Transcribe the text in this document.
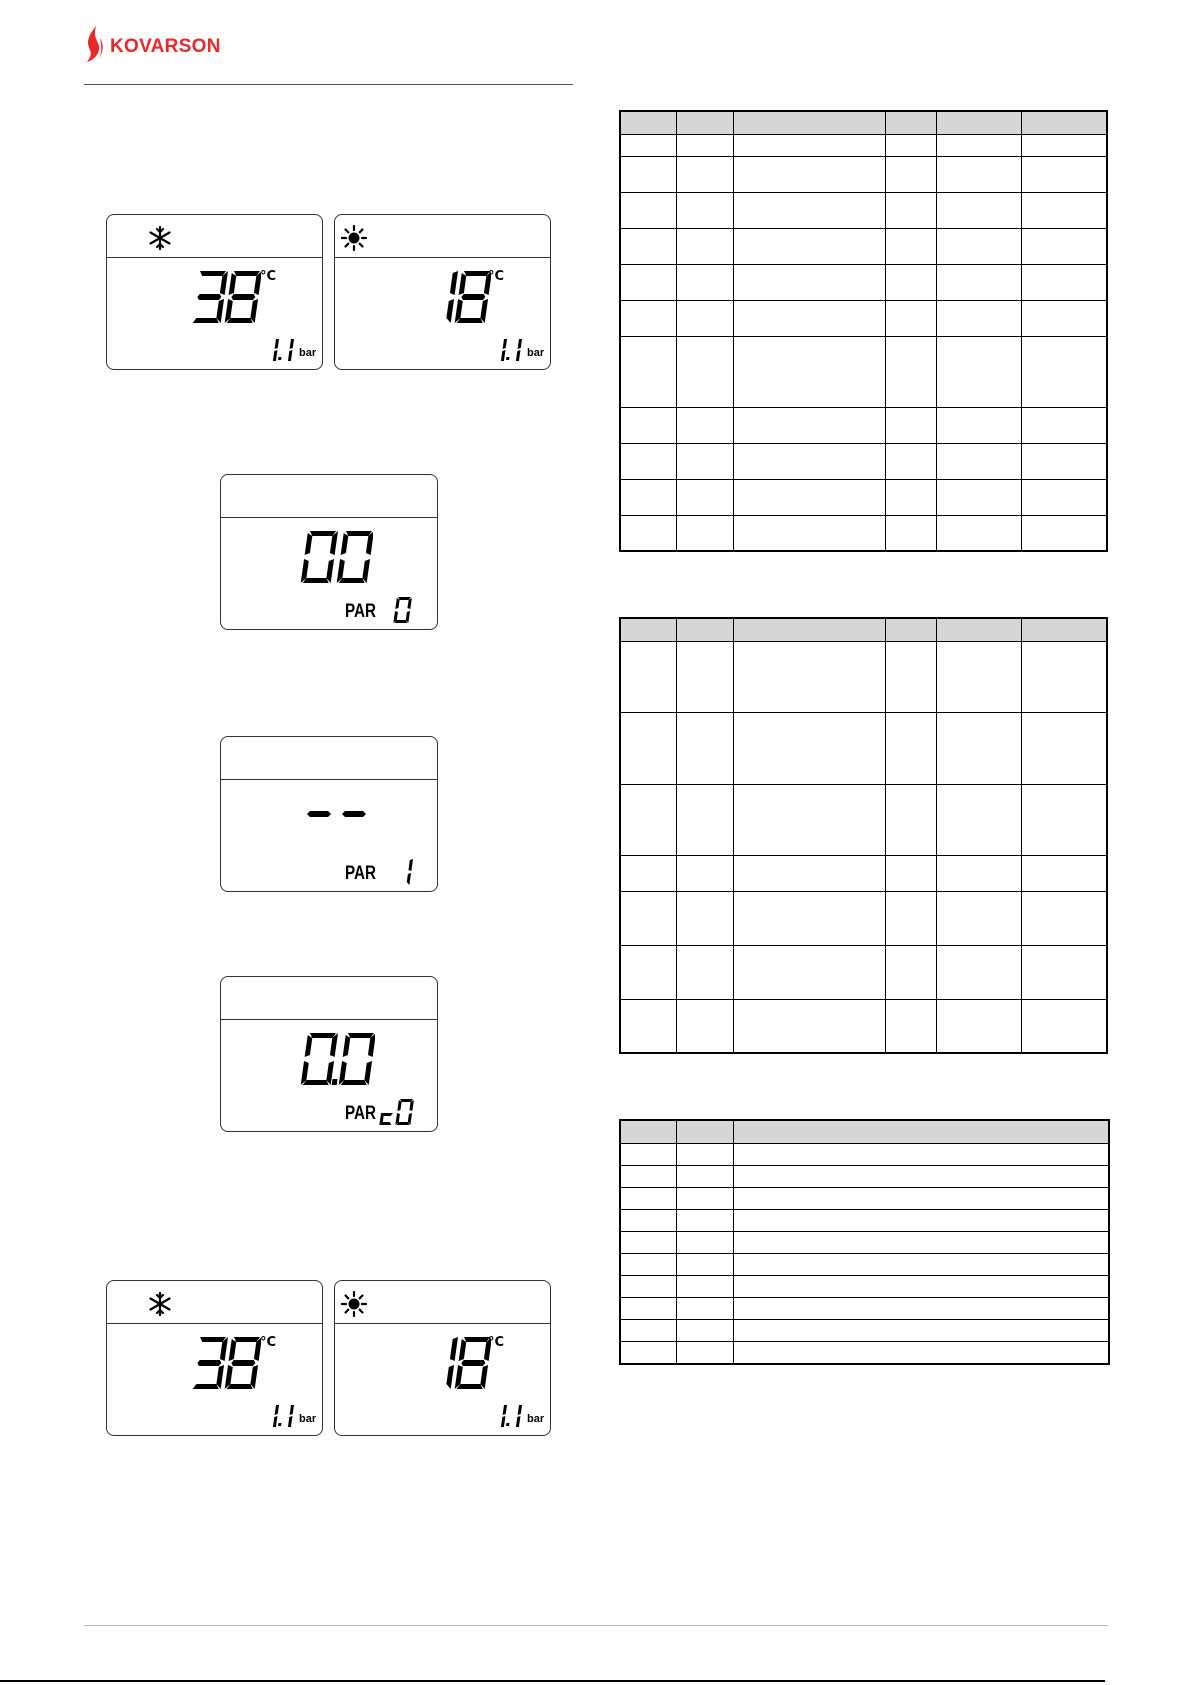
KOVARSON
°C
bar
°C
bar
PAR
PAR
PAR
°C
bar
°C
bar
